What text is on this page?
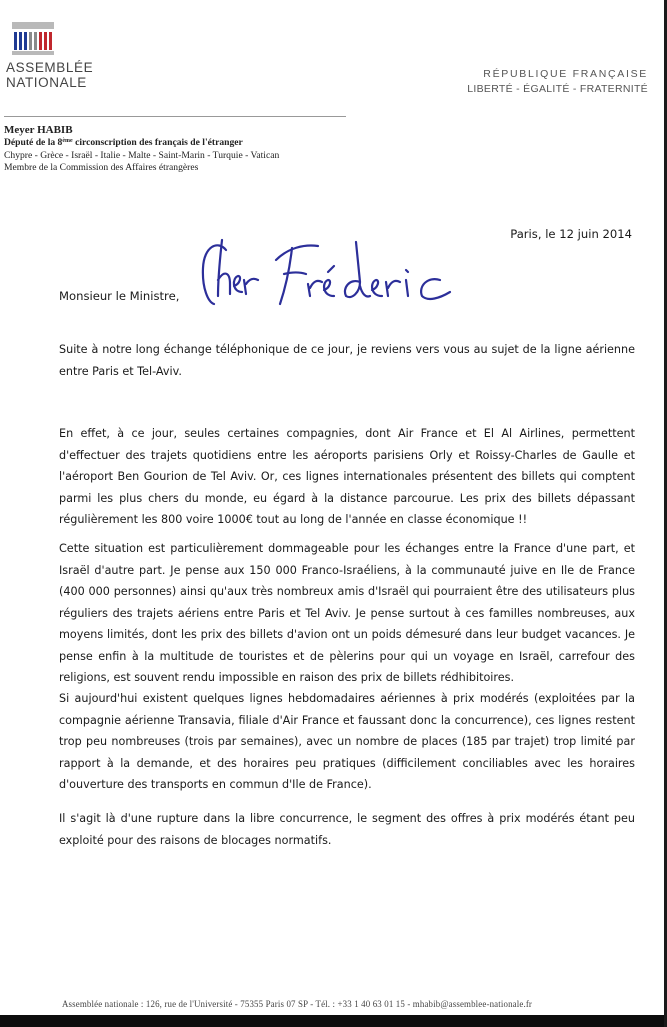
ASSEMBLÉE
NATIONALE
RÉPUBLIQUE FRANÇAISE
LIBERTÉ - ÉGALITÉ - FRATERNITÉ
Meyer HABIB
Député de la 8ème circonscription des français de l'étranger
Chypre - Grèce - Israël - Italie - Malte - Saint-Marin - Turquie - Vatican
Membre de la Commission des Affaires étrangères
Paris, le 12 juin 2014
Monsieur le Ministre,

Suite à notre long échange téléphonique de ce jour, je reviens vers vous au sujet de la ligne aérienne entre Paris et Tel-Aviv.

En effet, à ce jour, seules certaines compagnies, dont Air France et El Al Airlines, permettent d'effectuer des trajets quotidiens entre les aéroports parisiens Orly et Roissy-Charles de Gaulle et l'aéroport Ben Gourion de Tel Aviv. Or, ces lignes internationales présentent des billets qui comptent parmi les plus chers du monde, eu égard à la distance parcourue. Les prix des billets dépassant régulièrement les 800 voire 1000€ tout au long de l'année en classe économique !!

Cette situation est particulièrement dommageable pour les échanges entre la France d'une part, et Israël d'autre part. Je pense aux 150 000 Franco-Israéliens, à la communauté juive en Ile de France (400 000 personnes) ainsi qu'aux très nombreux amis d'Israël qui pourraient être des utilisateurs plus réguliers des trajets aériens entre Paris et Tel Aviv. Je pense surtout à ces familles nombreuses, aux moyens limités, dont les prix des billets d'avion ont un poids démesuré dans leur budget vacances. Je pense enfin à la multitude de touristes et de pèlerins pour qui un voyage en Israël, carrefour des religions, est souvent rendu impossible en raison des prix de billets rédhibitoires.

Si aujourd'hui existent quelques lignes hebdomadaires aériennes à prix modérés (exploitées par la compagnie aérienne Transavia, filiale d'Air France et faussant donc la concurrence), ces lignes restent trop peu nombreuses (trois par semaines), avec un nombre de places (185 par trajet) trop limité par rapport à la demande, et des horaires peu pratiques (difficilement conciliables avec les horaires d'ouverture des transports en commun d'Ile de France).

Il s'agit là d'une rupture dans la libre concurrence, le segment des offres à prix modérés étant peu exploité pour des raisons de blocages normatifs.

Assemblée nationale : 126, rue de l'Université - 75355 Paris 07 SP - Tél. : +33 1 40 63 01 15 - mhabib@assemblee-nationale.fr
